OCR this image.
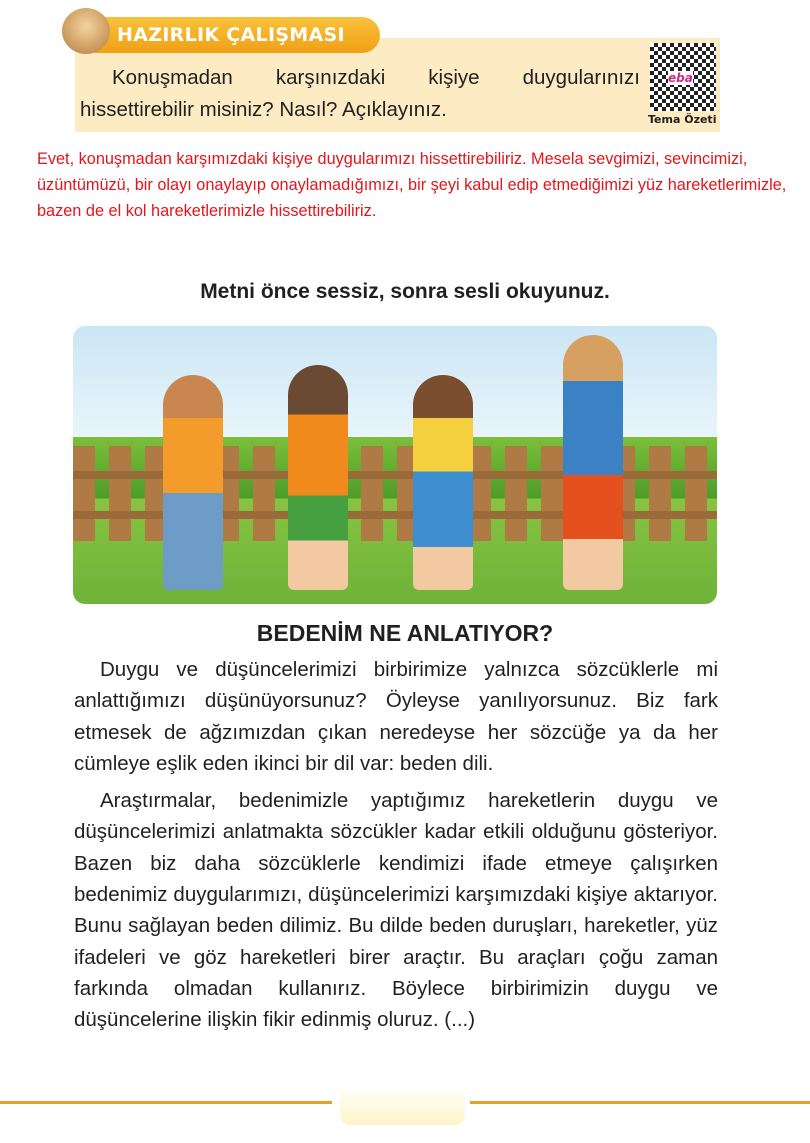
HAZIRLIK ÇALIŞMASI
Konuşmadan karşınızdaki kişiye duygularınızı hissettirebilir misiniz? Nasıl? Açıklayınız.
eba
Tema Özeti
Evet, konuşmadan karşımızdaki kişiye duygularımızı hissettirebiliriz. Mesela sevgimizi, sevincimizi, üzüntümüzü, bir olayı onaylayıp onaylamadığımızı, bir şeyi kabul edip etmediğimizi yüz hareketlerimizle, bazen de el kol hareketlerimizle hissettirebiliriz.
Metni önce sessiz, sonra sesli okuyunuz.
BEDENİM NE ANLATIYOR?

Duygu ve düşüncelerimizi birbirimize yalnızca sözcüklerle mi anlattığımızı düşünüyorsunuz? Öyleyse yanılıyorsunuz. Biz fark etmesek de ağzımızdan çıkan neredeyse her sözcüğe ya da her cümleye eşlik eden ikinci bir dil var: beden dili.

Araştırmalar, bedenimizle yaptığımız hareketlerin duygu ve düşüncelerimizi anlatmakta sözcükler kadar etkili olduğunu gösteriyor. Bazen biz daha sözcüklerle kendimizi ifade etmeye çalışırken bedenimiz duygularımızı, düşüncelerimizi karşımızdaki kişiye aktarıyor. Bunu sağlayan beden dilimiz. Bu dilde beden duruşları, hareketler, yüz ifadeleri ve göz hareketleri birer araçtır. Bu araçları çoğu zaman farkında olmadan kullanırız. Böylece birbirimizin duygu ve düşüncelerine ilişkin fikir edinmiş oluruz. (...)
